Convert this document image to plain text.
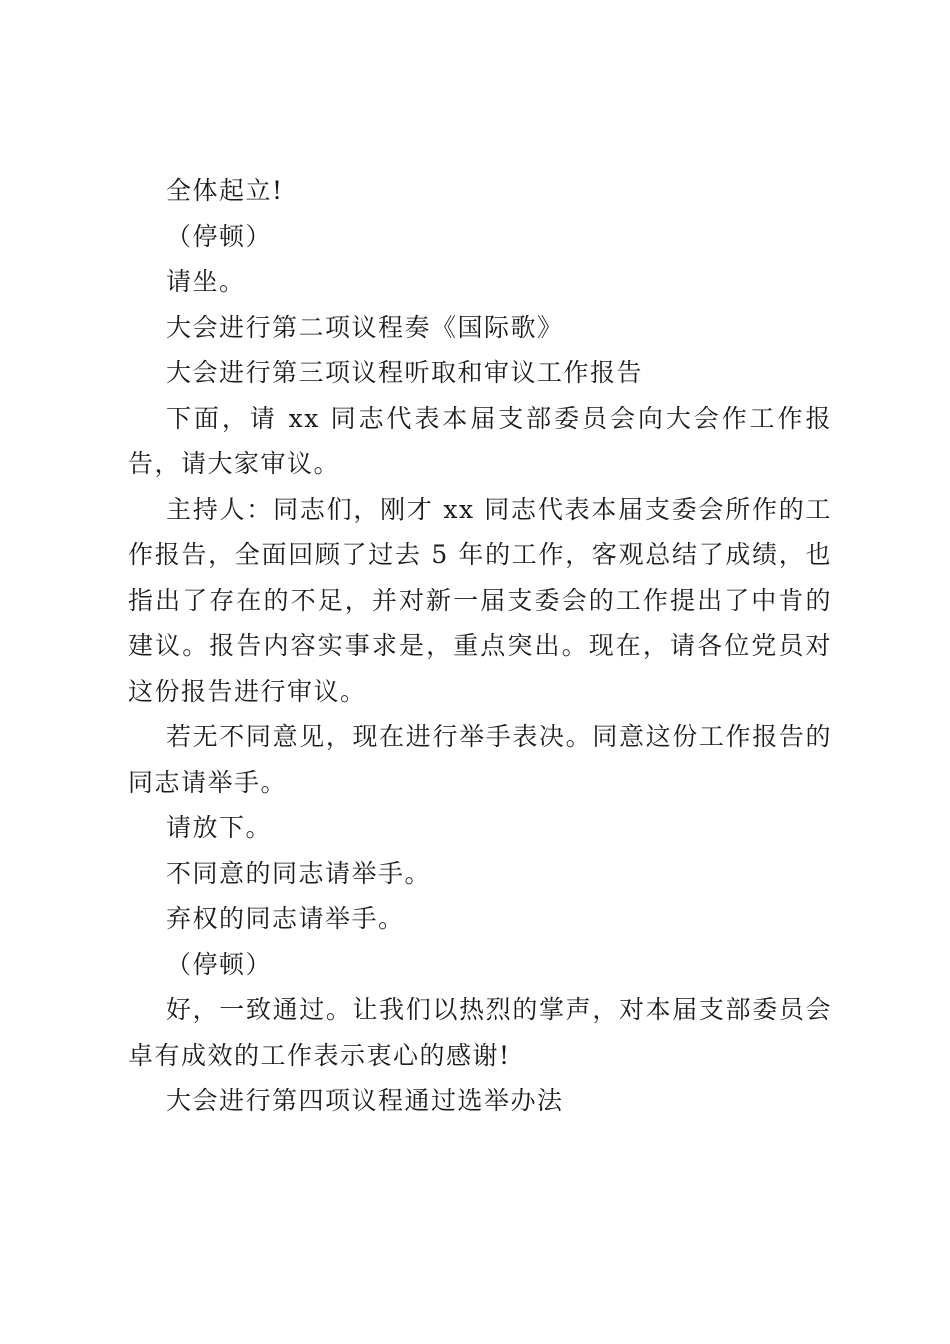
全体起立!

（停顿）

请坐。

大会进行第二项议程奏《国际歌》

大会进行第三项议程听取和审议工作报告

下面，请 xx 同志代表本届支部委员会向大会作工作报告，请大家审议。

主持人：同志们，刚才 xx 同志代表本届支委会所作的工作报告，全面回顾了过去 5 年的工作，客观总结了成绩，也指出了存在的不足，并对新一届支委会的工作提出了中肯的建议。报告内容实事求是，重点突出。现在，请各位党员对这份报告进行审议。

若无不同意见，现在进行举手表决。同意这份工作报告的同志请举手。

请放下。

不同意的同志请举手。

弃权的同志请举手。

（停顿）

好，一致通过。让我们以热烈的掌声，对本届支部委员会卓有成效的工作表示衷心的感谢!

大会进行第四项议程通过选举办法
